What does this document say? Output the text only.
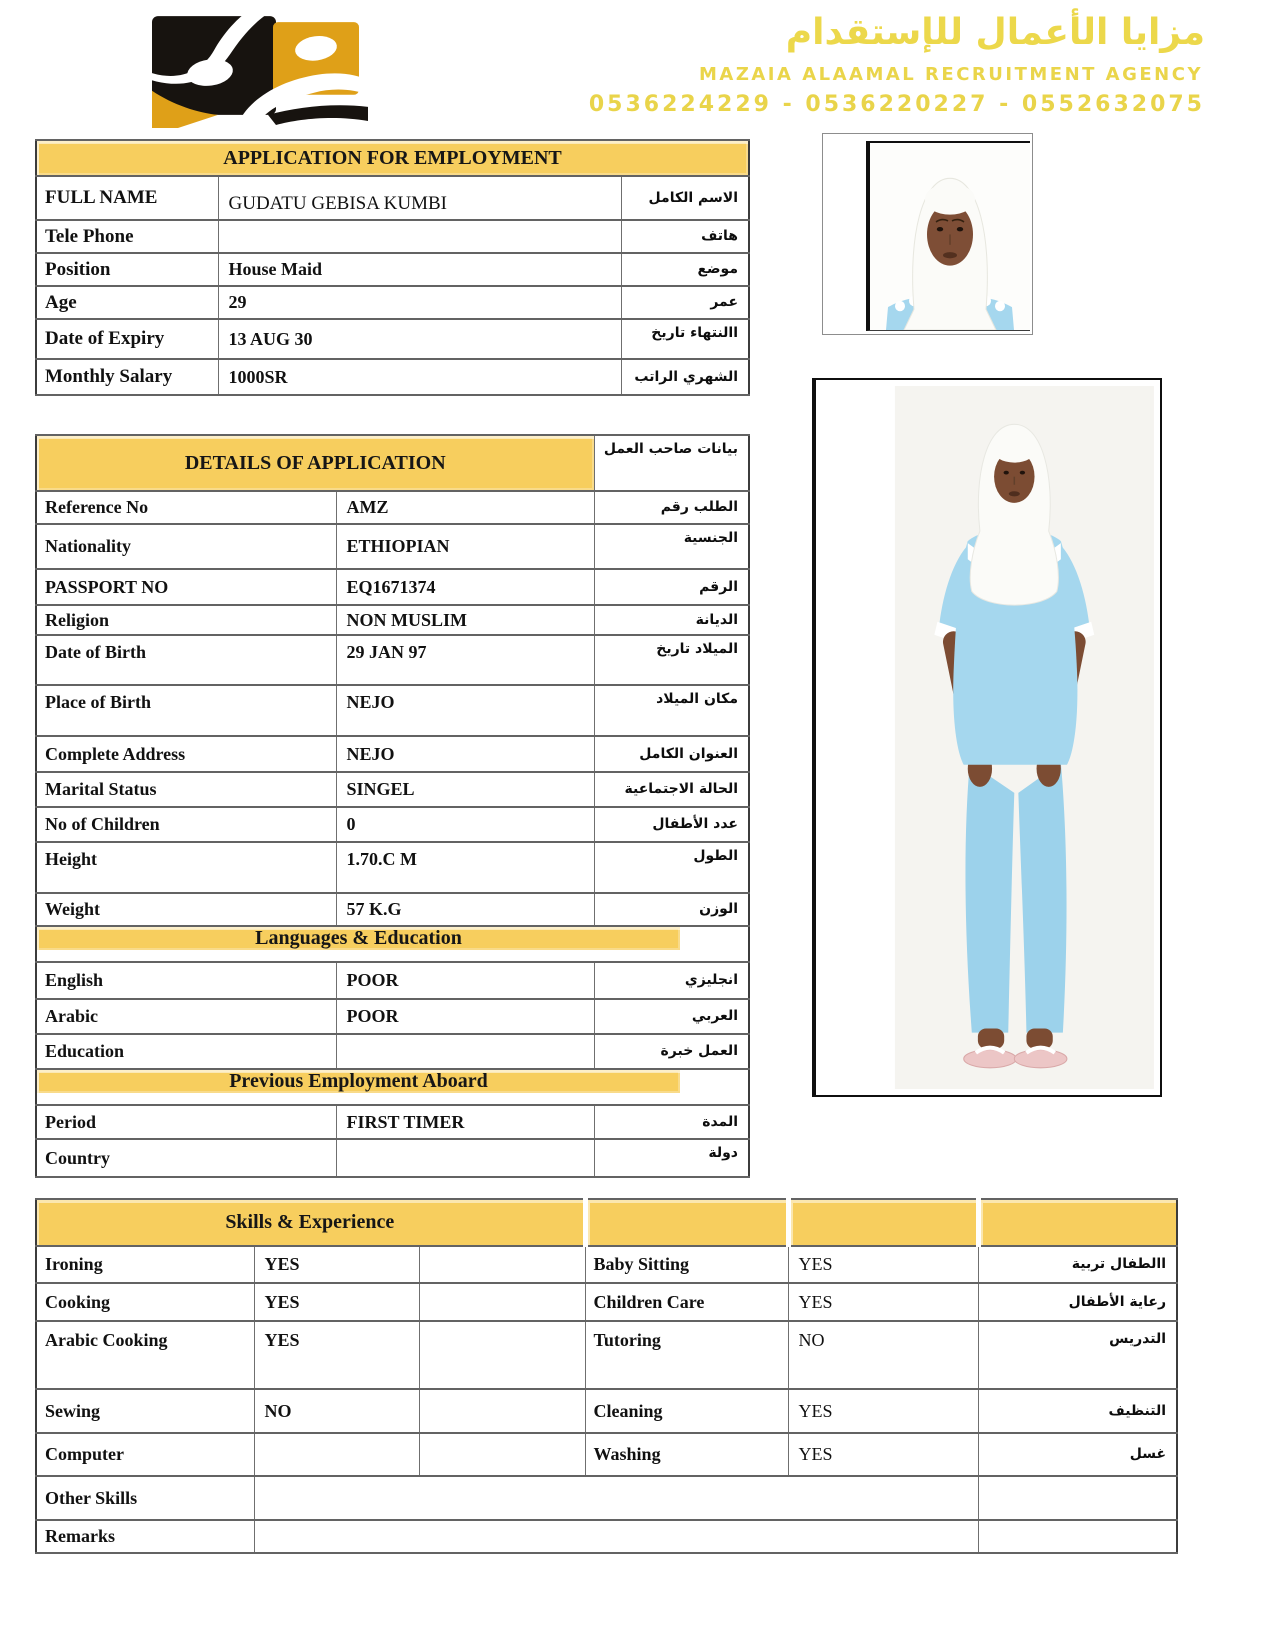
مزايا الأعمال للإستقدام
MAZAIA ALAAMAL RECRUITMENT AGENCY
0536224229 - 0536220227 - 0552632075
APPLICATION FOR EMPLOYMENT		
FULL NAME	GUDATU GEBISA KUMBI	الاسم الكامل
Tele Phone		هاتف
Position	House Maid	موضع
Age	29	عمر
Date of Expiry	13 AUG 30	االنتهاء تاريخ
Monthly Salary	1000SR	الشهري الراتب
DETAILS OF APPLICATION		بيانات صاحب العمل
Reference No	AMZ	الطلب رقم
Nationality	ETHIOPIAN	الجنسية
PASSPORT NO	EQ1671374	الرقم
Religion	NON MUSLIM	الديانة
Date of Birth	29 JAN 97	الميلاد تاريخ
Place of Birth	NEJO	مكان الميلاد
Complete Address	NEJO	العنوان الكامل
Marital Status	SINGEL	الحالة الاجتماعية
No of Children	0	عدد الأطفال
Height	1.70.C M	الطول
Weight	57 K.G	الوزن

Languages & Education		

English	POOR	انجليزي
Arabic	POOR	العربي
Education		العمل خبرة

Previous Employment Aboard		

Period	FIRST TIMER	المدة
Country		دولة
Skills & Experience					
Ironing	YES		Baby Sitting	YES	االطفال تربية
Cooking	YES		Children Care	YES	رعاية الأطفال
Arabic Cooking	YES		Tutoring	NO	التدريس
Sewing	NO		Cleaning	YES	التنظيف
Computer			Washing	YES	غسل
Other Skills					
Remarks					
